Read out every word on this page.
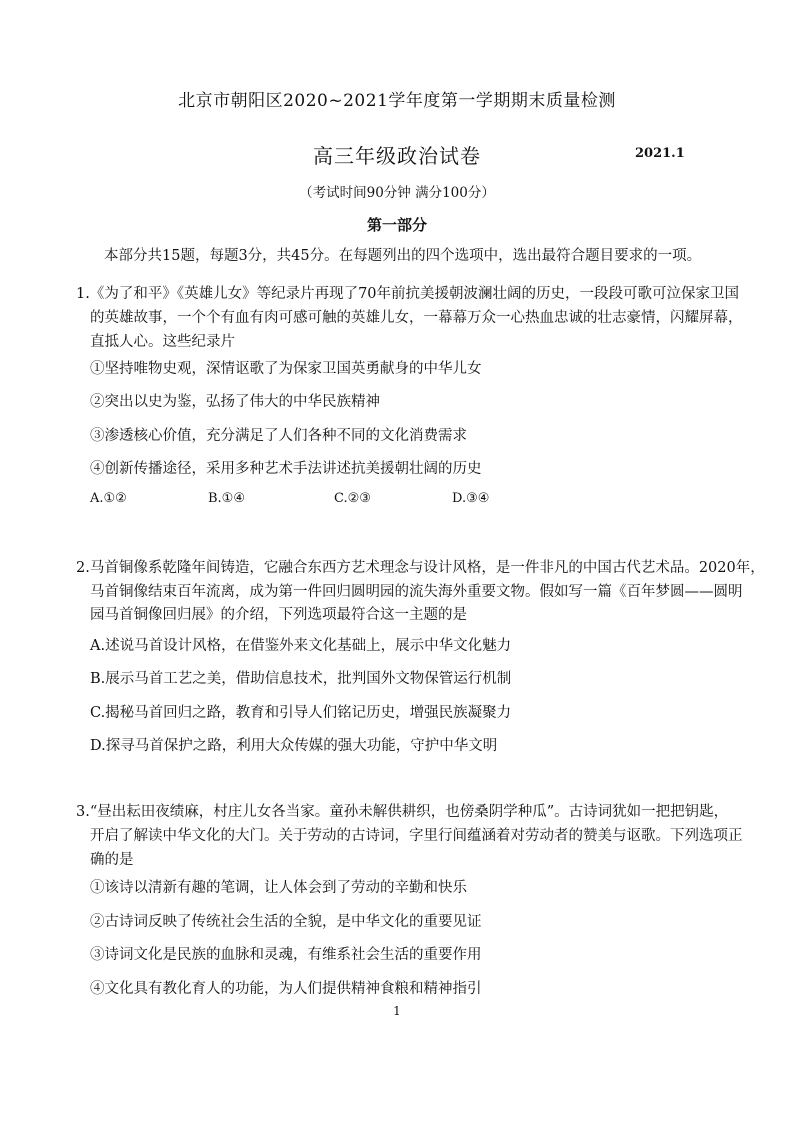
北京市朝阳区2020~2021学年度第一学期期末质量检测
高三年级政治试卷	2021.1
（考试时间90分钟 满分100分）
第一部分
本部分共15题，每题3分，共45分。在每题列出的四个选项中，选出最符合题目要求的一项。
1.《为了和平》《英雄儿女》等纪录片再现了70年前抗美援朝波澜壮阔的历史，一段段可歌可泣保家卫国
的英雄故事，一个个有血有肉可感可触的英雄儿女，一幕幕万众一心热血忠诚的壮志豪情，闪耀屏幕，
直抵人心。这些纪录片
①坚持唯物史观，深情讴歌了为保家卫国英勇献身的中华儿女
②突出以史为鉴，弘扬了伟大的中华民族精神
③渗透核心价值，充分满足了人们各种不同的文化消费需求
④创新传播途径，采用多种艺术手法讲述抗美援朝壮阔的历史
A.①②	B.①④	C.②③	D.③④
2.马首铜像系乾隆年间铸造，它融合东西方艺术理念与设计风格，是一件非凡的中国古代艺术品。2020年，
马首铜像结束百年流离，成为第一件回归圆明园的流失海外重要文物。假如写一篇《百年梦圆——圆明
园马首铜像回归展》的介绍，下列选项最符合这一主题的是
A.述说马首设计风格，在借鉴外来文化基础上，展示中华文化魅力
B.展示马首工艺之美，借助信息技术，批判国外文物保管运行机制
C.揭秘马首回归之路，教育和引导人们铭记历史，增强民族凝聚力
D.探寻马首保护之路，利用大众传媒的强大功能，守护中华文明
3.“昼出耘田夜绩麻，村庄儿女各当家。童孙未解供耕织，也傍桑阴学种瓜”。古诗词犹如一把把钥匙，
开启了解读中华文化的大门。关于劳动的古诗词，字里行间蕴涵着对劳动者的赞美与讴歌。下列选项正
确的是
①该诗以清新有趣的笔调，让人体会到了劳动的辛勤和快乐
②古诗词反映了传统社会生活的全貌，是中华文化的重要见证
③诗词文化是民族的血脉和灵魂，有维系社会生活的重要作用
④文化具有教化育人的功能，为人们提供精神食粮和精神指引
1
